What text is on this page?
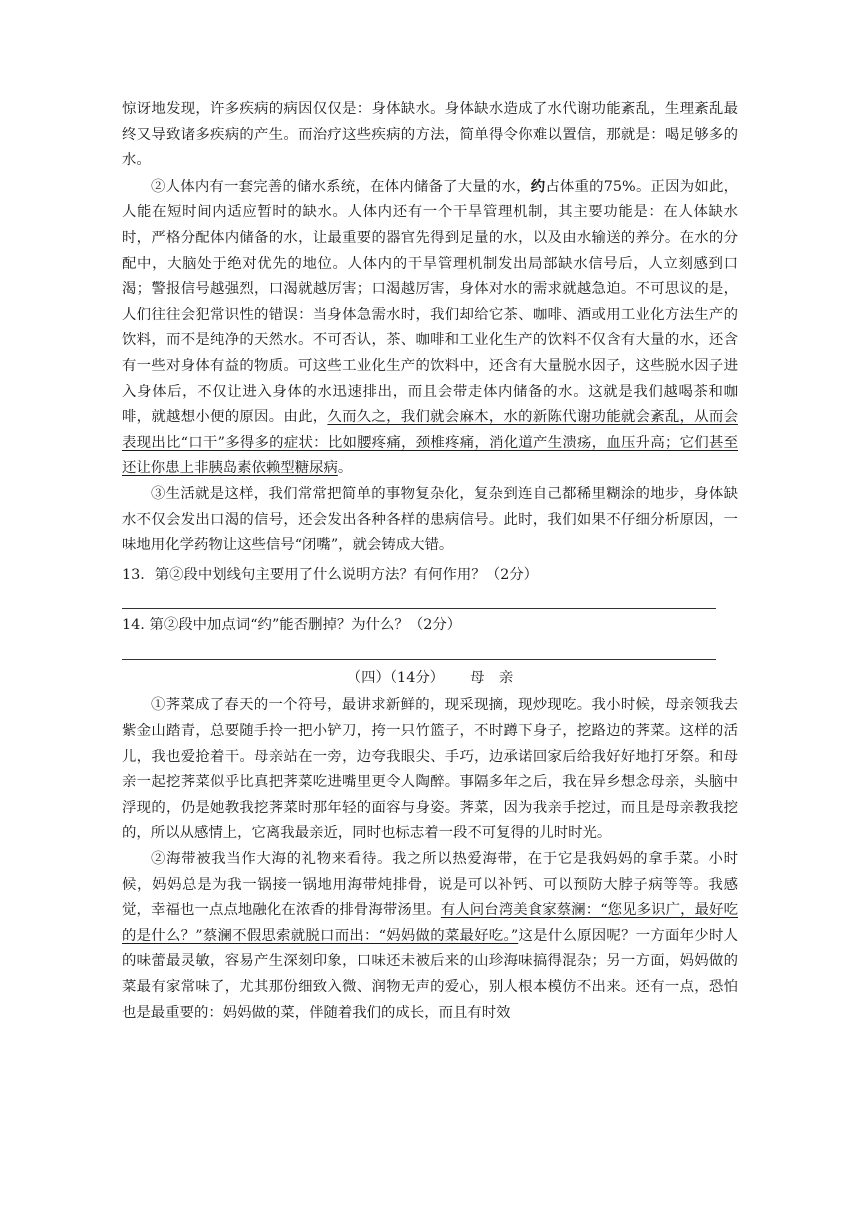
惊讶地发现，许多疾病的病因仅仅是：身体缺水。身体缺水造成了水代谢功能紊乱，生理紊乱最终又导致诸多疾病的产生。而治疗这些疾病的方法，简单得令你难以置信，那就是：喝足够多的水。

②人体内有一套完善的储水系统，在体内储备了大量的水，约占体重的75%。正因为如此，人能在短时间内适应暂时的缺水。人体内还有一个干旱管理机制，其主要功能是：在人体缺水时，严格分配体内储备的水，让最重要的器官先得到足量的水，以及由水输送的养分。在水的分配中，大脑处于绝对优先的地位。人体内的干旱管理机制发出局部缺水信号后，人立刻感到口渴；警报信号越强烈，口渴就越厉害；口渴越厉害，身体对水的需求就越急迫。不可思议的是，人们往往会犯常识性的错误：当身体急需水时，我们却给它茶、咖啡、酒或用工业化方法生产的饮料，而不是纯净的天然水。不可否认，茶、咖啡和工业化生产的饮料不仅含有大量的水，还含有一些对身体有益的物质。可这些工业化生产的饮料中，还含有大量脱水因子，这些脱水因子进入身体后，不仅让进入身体的水迅速排出，而且会带走体内储备的水。这就是我们越喝茶和咖啡，就越想小便的原因。由此，久而久之，我们就会麻木，水的新陈代谢功能就会紊乱，从而会表现出比“口干”多得多的症状：比如腰疼痛，颈椎疼痛，消化道产生溃疡，血压升高；它们甚至还让你患上非胰岛素依赖型糖尿病。

③生活就是这样，我们常常把简单的事物复杂化，复杂到连自己都稀里糊涂的地步，身体缺水不仅会发出口渴的信号，还会发出各种各样的患病信号。此时，我们如果不仔细分析原因，一味地用化学药物让这些信号“闭嘴”，就会铸成大错。

13．第②段中划线句主要用了什么说明方法？有何作用？（2分）

14. 第②段中加点词“约”能否删掉？为什么？（2分）

（四）（14分） 母　亲

①荠菜成了春天的一个符号，最讲求新鲜的，现采现摘，现炒现吃。我小时候，母亲领我去紫金山踏青，总要随手拎一把小铲刀，挎一只竹篮子，不时蹲下身子，挖路边的荠菜。这样的活儿，我也爱抢着干。母亲站在一旁，边夸我眼尖、手巧，边承诺回家后给我好好地打牙祭。和母亲一起挖荠菜似乎比真把荠菜吃进嘴里更令人陶醉。事隔多年之后，我在异乡想念母亲，头脑中浮现的，仍是她教我挖荠菜时那年轻的面容与身姿。荠菜，因为我亲手挖过，而且是母亲教我挖的，所以从感情上，它离我最亲近，同时也标志着一段不可复得的儿时时光。

②海带被我当作大海的礼物来看待。我之所以热爱海带，在于它是我妈妈的拿手菜。小时候，妈妈总是为我一锅接一锅地用海带炖排骨，说是可以补钙、可以预防大脖子病等等。我感觉，幸福也一点点地融化在浓香的排骨海带汤里。有人问台湾美食家蔡澜：“您见多识广，最好吃的是什么？”蔡澜不假思索就脱口而出：“妈妈做的菜最好吃。”这是什么原因呢？一方面年少时人的味蕾最灵敏，容易产生深刻印象，口味还未被后来的山珍海味搞得混杂；另一方面，妈妈做的菜最有家常味了，尤其那份细致入微、润物无声的爱心，别人根本模仿不出来。还有一点，恐怕也是最重要的：妈妈做的菜，伴随着我们的成长，而且有时效
